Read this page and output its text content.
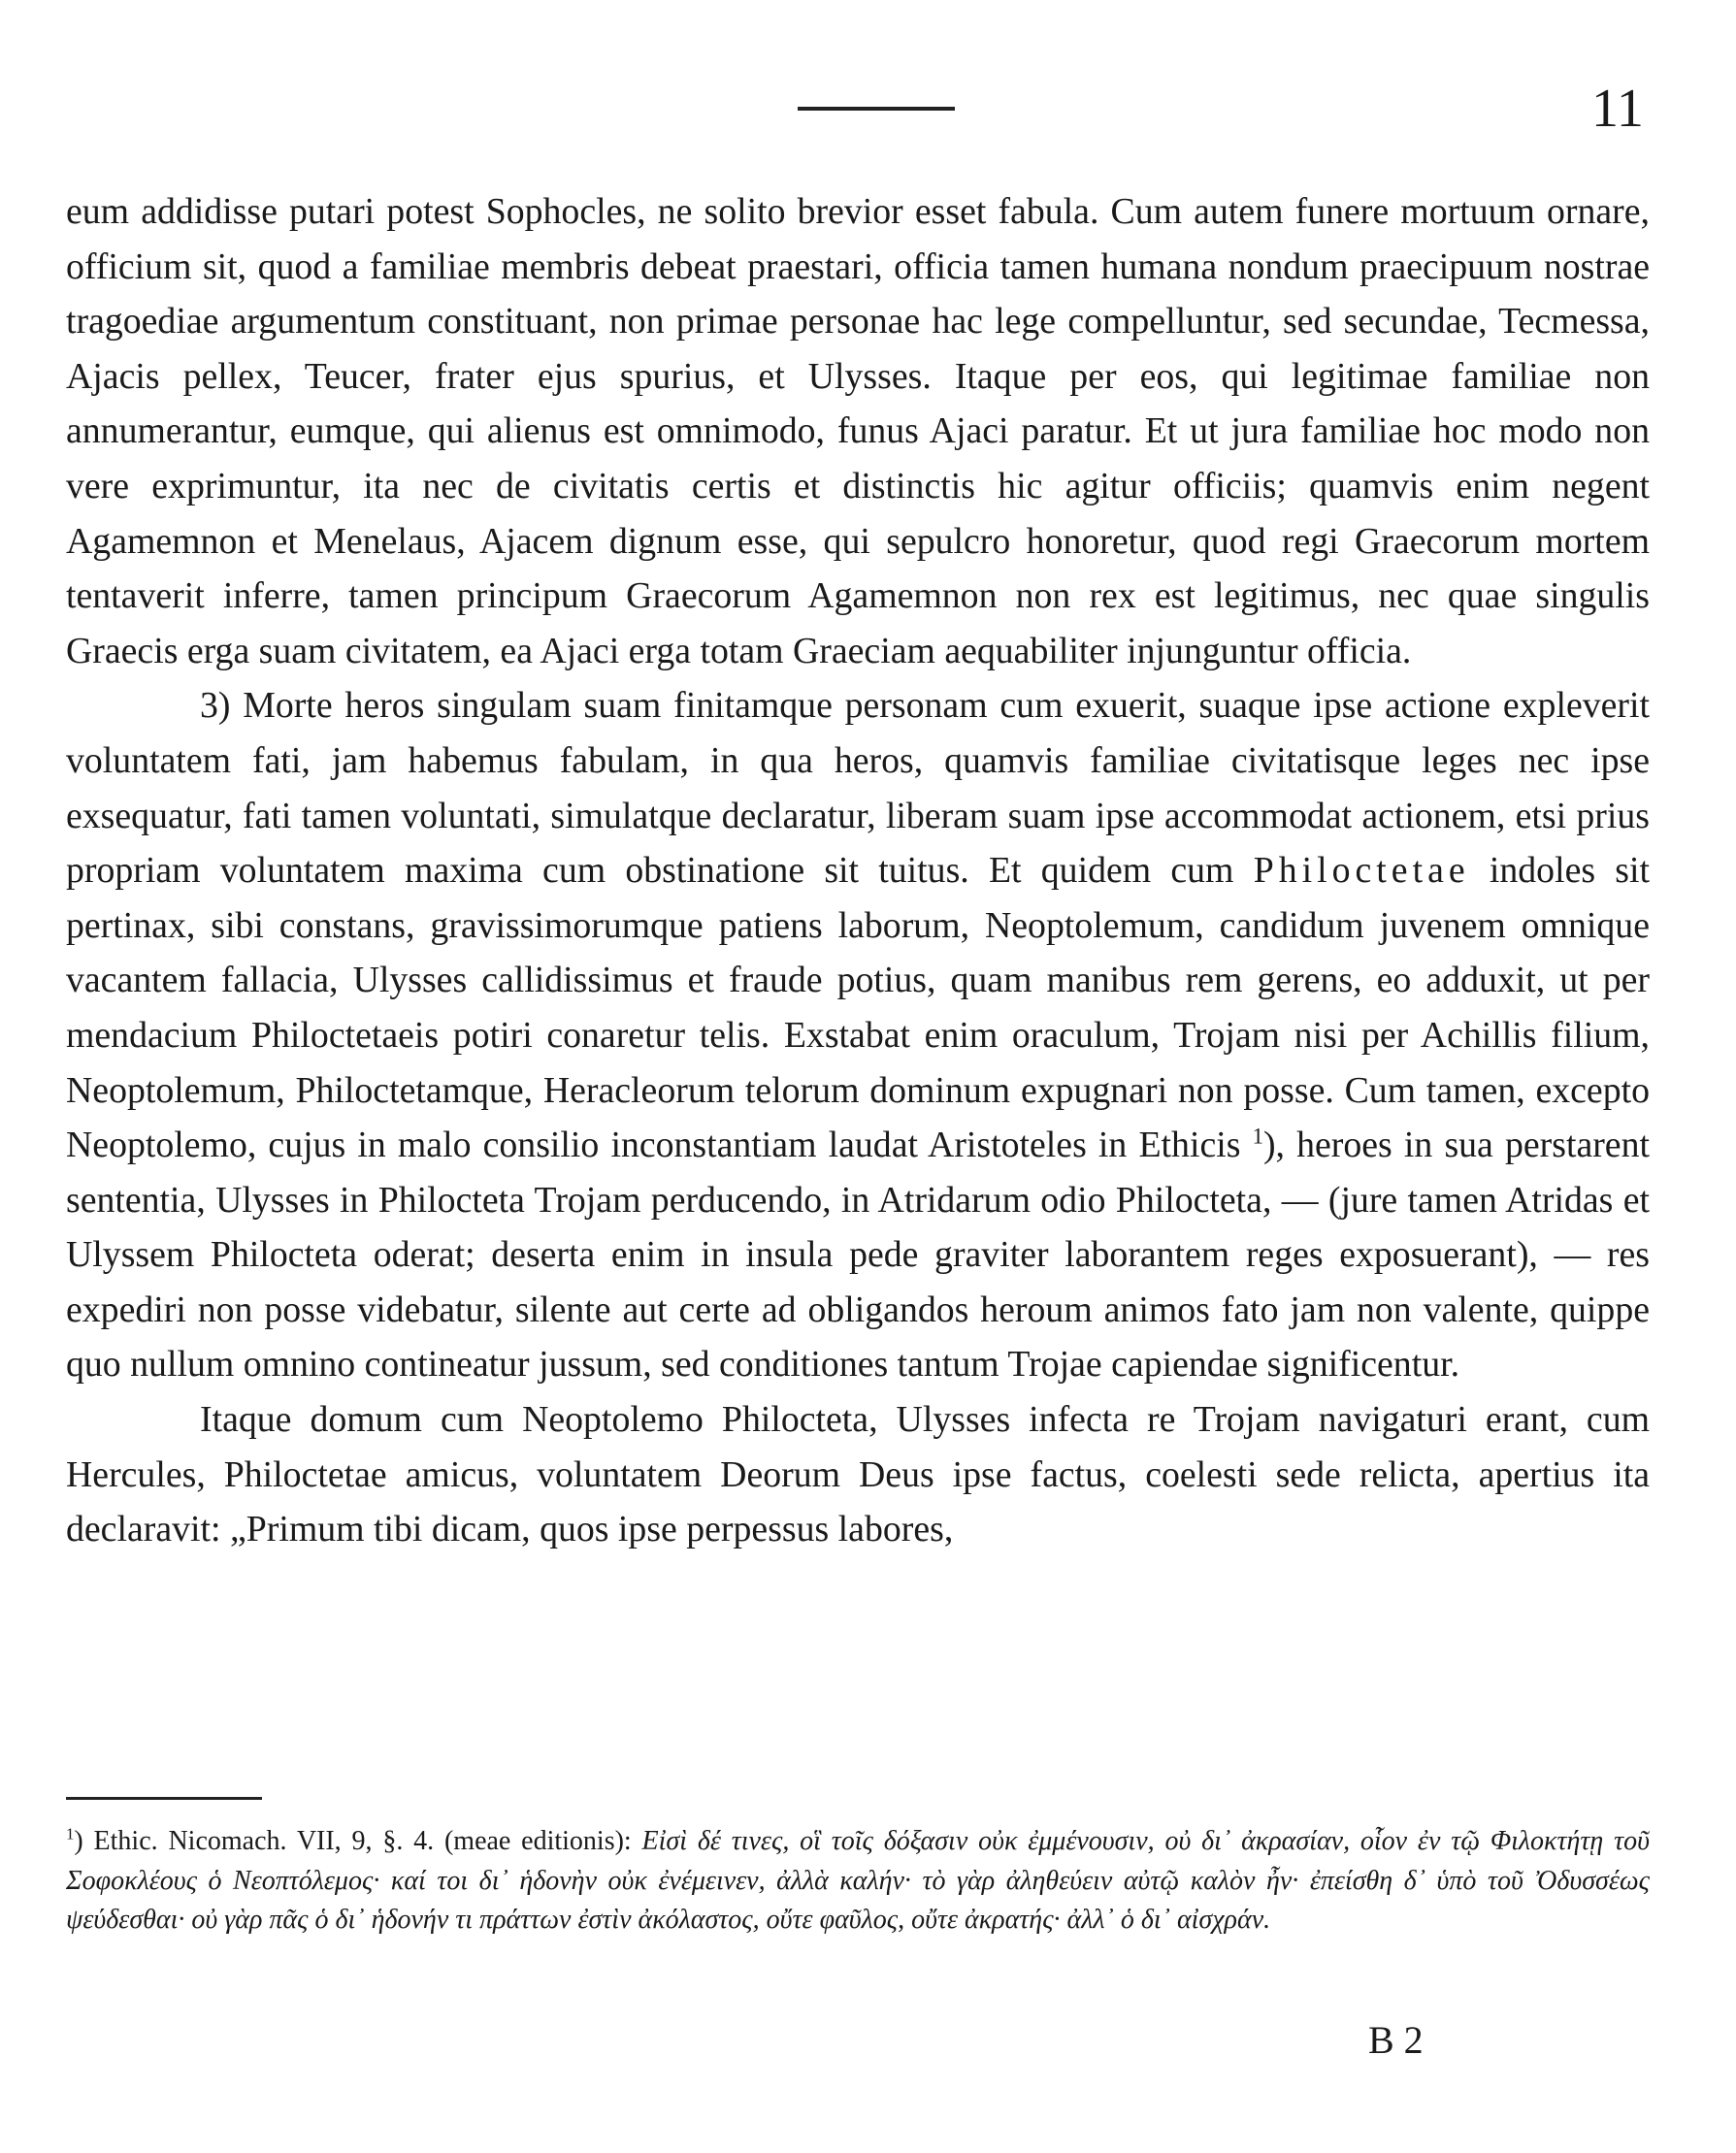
11

eum addidisse putari potest Sophocles, ne solito brevior esset fabula. Cum autem funere mortuum ornare, officium sit, quod a familiae membris debeat praestari, officia tamen humana nondum praecipuum nostrae tragoediae argumentum constituant, non primae personae hac lege compelluntur, sed secundae, Tecmessa, Ajacis pellex, Teucer, frater ejus spurius, et Ulysses. Itaque per eos, qui legitimae familiae non annumerantur, eumque, qui alienus est omnimodo, funus Ajaci paratur. Et ut jura familiae hoc modo non vere exprimuntur, ita nec de civitatis certis et distinctis hic agitur officiis; quamvis enim negent Agamemnon et Menelaus, Ajacem dignum esse, qui sepulcro honoretur, quod regi Graecorum mortem tentaverit inferre, tamen principum Graecorum Agamemnon non rex est legitimus, nec quae singulis Graecis erga suam civitatem, ea Ajaci erga totam Graeciam aequabiliter injunguntur officia.

3) Morte heros singulam suam finitamque personam cum exuerit, suaque ipse actione expleverit voluntatem fati, jam habemus fabulam, in qua heros, quamvis familiae civitatisque leges nec ipse exsequatur, fati tamen voluntati, simulatque declaratur, liberam suam ipse accommodat actionem, etsi prius propriam voluntatem maxima cum obstinatione sit tuitus. Et quidem cum Philoctetae indoles sit pertinax, sibi constans, gravissimorumque patiens laborum, Neoptolemum, candidum juvenem omnique vacantem fallacia, Ulysses callidissimus et fraude potius, quam manibus rem gerens, eo adduxit, ut per mendacium Philoctetaeis potiri conaretur telis. Exstabat enim oraculum, Trojam nisi per Achillis filium, Neoptolemum, Philoctetamque, Heracleorum telorum dominum expugnari non posse. Cum tamen, excepto Neoptolemo, cujus in malo consilio inconstantiam laudat Aristoteles in Ethicis $^1$), heroes in sua perstarent sententia, Ulysses in Philocteta Trojam perducendo, in Atridarum odio Philocteta, — (jure tamen Atridas et Ulyssem Philocteta oderat; deserta enim in insula pede graviter laborantem reges exposuerant), — res expediri non posse videbatur, silente aut certe ad obligandos heroum animos fato jam non valente, quippe quo nullum omnino contineatur jussum, sed conditiones tantum Trojae capiendae significentur.

Itaque domum cum Neoptolemo Philocteta, Ulysses infecta re Trojam navigaturi erant, cum Hercules, Philoctetae amicus, voluntatem Deorum Deus ipse factus, coelesti sede relicta, apertius ita declaravit: „Primum tibi dicam, quos ipse perpessus labores,

$^1$) Ethic. Nicomach. VII, 9, §. 4. (meae editionis): Εἰσὶ δέ τινες, οἳ τοῖς δόξασιν οὐκ ἐμμένουσιν, οὐ δι᾽ ἀκρασίαν, οἷον ἐν τῷ Φιλοκτήτῃ τοῦ Σοφοκλέους ὁ Νεοπτόλεμος· καί τοι δι᾽ ἡδονὴν οὐκ ἐνέμεινεν, ἀλλὰ καλήν· τὸ γὰρ ἀληθεύειν αὐτῷ καλὸν ἦν· ἐπείσθη δ᾽ ὑπὸ τοῦ Ὀδυσσέως ψεύδεσθαι· οὐ γὰρ πᾶς ὁ δι᾽ ἡδονήν τι πράττων ἐστὶν ἀκόλαστος, οὔτε φαῦλος, οὔτε ἀκρατής· ἀλλ᾽ ὁ δι᾽ αἰσχράν.
B 2
